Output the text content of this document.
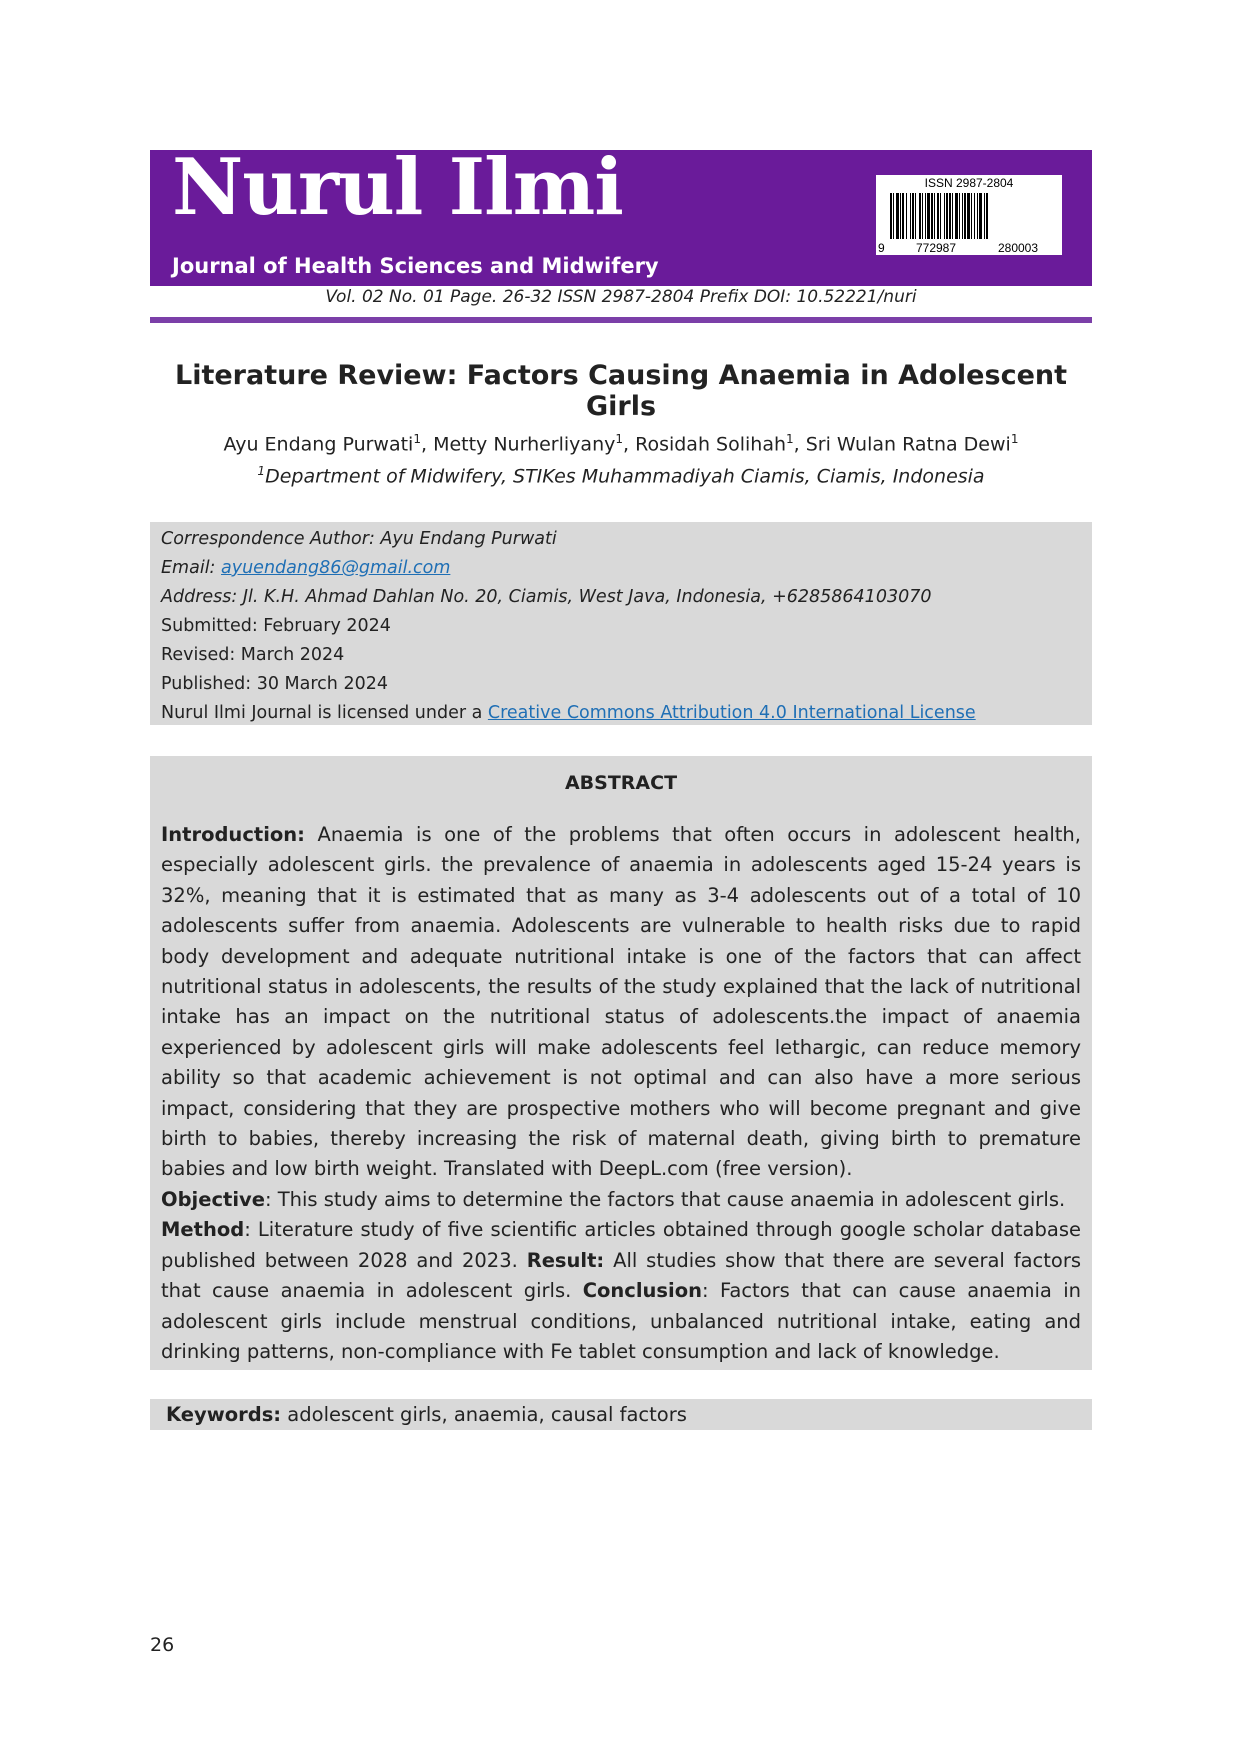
Nurul Ilmi
Journal of Health Sciences and Midwifery
ISSN 2987-2804
9	772987	280003
Vol. 02 No. 01 Page. 26-32 ISSN 2987-2804 Prefix DOI: 10.52221/nuri
Literature Review: Factors Causing Anaemia in Adolescent Girls
Ayu Endang Purwati$^1$, Metty Nurherliyany$^1$, Rosidah Solihah$^1$, Sri Wulan Ratna Dewi$^1$
$^1$Department of Midwifery, STIKes Muhammadiyah Ciamis, Ciamis, Indonesia
Correspondence Author: Ayu Endang Purwati
Email: ayuendang86@gmail.com
Address: Jl. K.H. Ahmad Dahlan No. 20, Ciamis, West Java, Indonesia, +6285864103070
Submitted: February 2024
Revised: March 2024
Published: 30 March 2024
Nurul Ilmi Journal is licensed under a Creative Commons Attribution 4.0 International License
ABSTRACT
Introduction: Anaemia is one of the problems that often occurs in adolescent health, especially adolescent girls. the prevalence of anaemia in adolescents aged 15-24 years is 32%, meaning that it is estimated that as many as 3-4 adolescents out of a total of 10 adolescents suffer from anaemia. Adolescents are vulnerable to health risks due to rapid body development and adequate nutritional intake is one of the factors that can affect nutritional status in adolescents, the results of the study explained that the lack of nutritional intake has an impact on the nutritional status of adolescents.the impact of anaemia experienced by adolescent girls will make adolescents feel lethargic, can reduce memory ability so that academic achievement is not optimal and can also have a more serious impact, considering that they are prospective mothers who will become pregnant and give birth to babies, thereby increasing the risk of maternal death, giving birth to premature babies and low birth weight. Translated with DeepL.com (free version).
Objective: This study aims to determine the factors that cause anaemia in adolescent girls.
Method: Literature study of five scientific articles obtained through google scholar database published between 2028 and 2023. Result: All studies show that there are several factors that cause anaemia in adolescent girls. Conclusion: Factors that can cause anaemia in adolescent girls include menstrual conditions, unbalanced nutritional intake, eating and drinking patterns, non-compliance with Fe tablet consumption and lack of knowledge.
Keywords: adolescent girls, anaemia, causal factors
26
